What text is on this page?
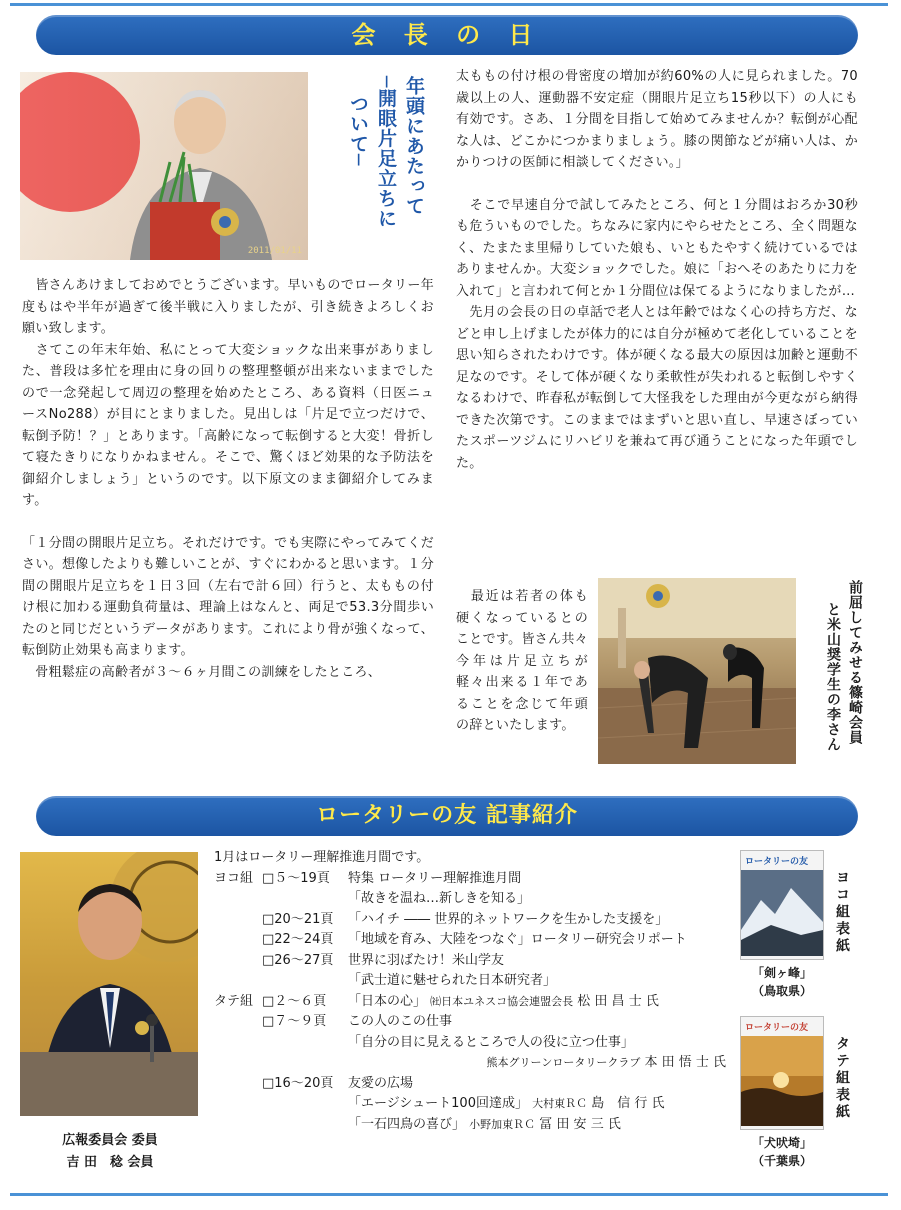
会 長 の 日
2011/01/11
年頭にあたって
─開眼片足立ちに
ついて─

　皆さんあけましておめでとうございます。早いものでロータリー年度もはや半年が過ぎて後半戦に入りましたが、引き続きよろしくお願い致します。

　さてこの年末年始、私にとって大変ショックな出来事がありました、普段は多忙を理由に身の回りの整理整頓が出来ないままでしたので一念発起して周辺の整理を始めたところ、ある資料（日医ニュースNo288）が目にとまりました。見出しは「片足で立つだけで、転倒予防！？」とあります。「高齢になって転倒すると大変！骨折して寝たきりになりかねません。そこで、驚くほど効果的な予防法を御紹介しましょう」というのです。以下原文のまま御紹介してみます。

「１分間の開眼片足立ち。それだけです。でも実際にやってみてください。想像したよりも難しいことが、すぐにわかると思います。１分間の開眼片足立ちを１日３回（左右で計６回）行うと、太ももの付け根に加わる運動負荷量は、理論上はなんと、両足で53.3分間歩いたのと同じだというデータがあります。これにより骨が強くなって、転倒防止効果も高まります。

　骨粗鬆症の高齢者が３〜６ヶ月間この訓練をしたところ、

太ももの付け根の骨密度の増加が約60%の人に見られました。70歳以上の人、運動器不安定症（開眼片足立ち15秒以下）の人にも有効です。さあ、１分間を目指して始めてみませんか？転倒が心配な人は、どこかにつかまりましょう。膝の関節などが痛い人は、かかりつけの医師に相談してください。」

　そこで早速自分で試してみたところ、何と１分間はおろか30秒も危ういものでした。ちなみに家内にやらせたところ、全く問題なく、たまたま里帰りしていた娘も、いともたやすく続けているではありませんか。大変ショックでした。娘に「おへそのあたりに力を入れて」と言われて何とか１分間位は保てるようになりましたが…

　先月の会長の日の卓話で老人とは年齢ではなく心の持ち方だ、などと申し上げましたが体力的には自分が極めて老化していることを思い知らされたわけです。体が硬くなる最大の原因は加齢と運動不足なのです。そして体が硬くなり柔軟性が失われると転倒しやすくなるわけで、昨春私が転倒して大怪我をした理由が今更ながら納得できた次第です。このままではまずいと思い直し、早速さぼっていたスポーツジムにリハビリを兼ねて再び通うことになった年頭でした。

　最近は若者の体も硬くなっているとのことです。皆さん共々今年は片足立ちが軽々出来る１年であることを念じて年頭の辞といたします。	前屈してみせる篠崎会員
と米山奨学生の李さん
ロータリーの友 記事紹介
広報委員会 委員
吉 田　稔 会員
1月はロータリー理解推進月間です。
ヨコ組 □５〜19頁	特集 ロータリー理解推進月間
「故きを温ね…新しきを知る」
□20〜21頁	「ハイチ ―― 世界的ネットワークを生かした支援を」
□22〜24頁	「地域を育み、大陸をつなぐ」ロータリー研究会リポート
□26〜27頁	世界に羽ばたけ！米山学友
「武士道に魅せられた日本研究者」
タテ組 □２〜６頁	「日本の心」 ㈳日本ユネスコ協会連盟会長 松 田 昌 士 氏
□７〜９頁	この人のこの仕事
「自分の目に見えるところで人の役に立つ仕事」
熊本グリーンロータリークラブ
本 田 悟 士 氏
□16〜20頁	友愛の広場
「エージシュート100回達成」 大村東ＲＣ 島　信 行 氏
「一石四鳥の喜び」 小野加東ＲＣ 冨 田 安 三 氏
ロータリーの友
「剣ヶ峰」
（鳥取県）
ヨコ組表紙
ロータリーの友
「犬吠埼」
（千葉県）
タテ組表紙
